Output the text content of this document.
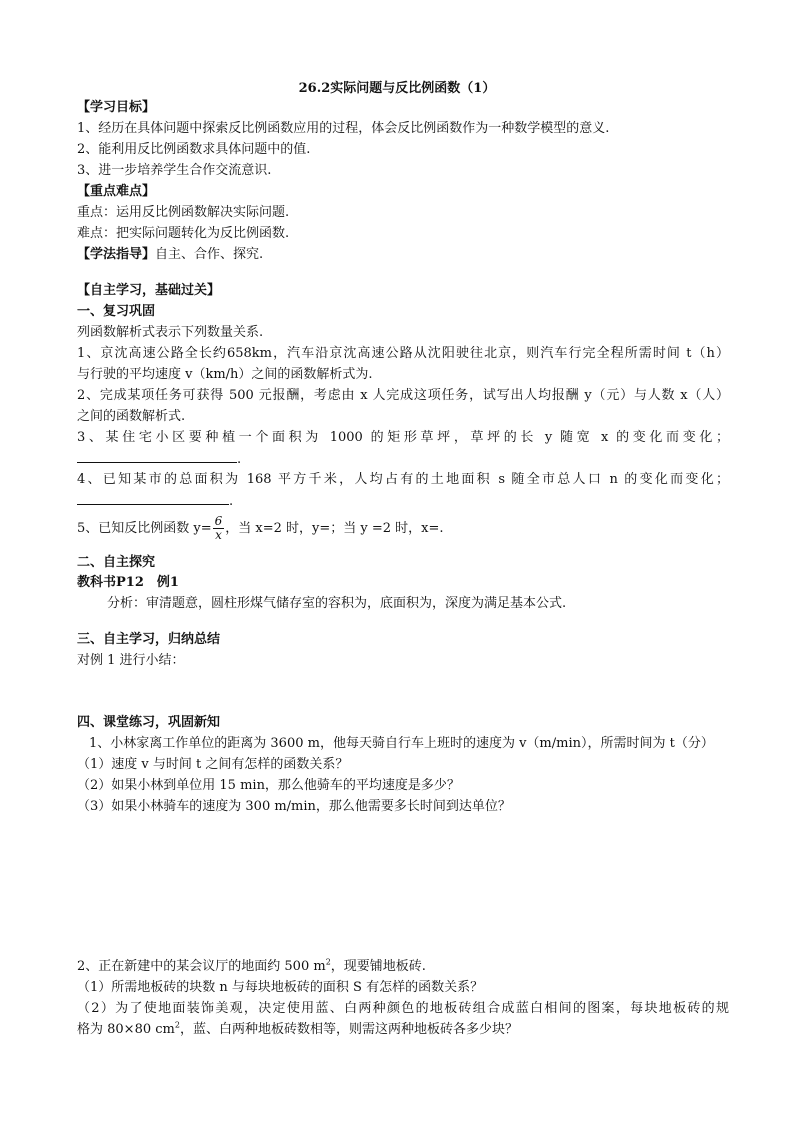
26.2实际问题与反比例函数（1）
【学习目标】
1、经历在具体问题中探索反比例函数应用的过程，体会反比例函数作为一种数学模型的意义.
2、能利用反比例函数求具体问题中的值.
3、进一步培养学生合作交流意识.
【重点难点】
重点：运用反比例函数解决实际问题.
难点：把实际问题转化为反比例函数.
【学法指导】自主、合作、探究.
【自主学习，基础过关】
一、复习巩固
列函数解析式表示下列数量关系.
1、京沈高速公路全长约658km，汽车沿京沈高速公路从沈阳驶往北京，则汽车行完全程所需时间 t（h）
与行驶的平均速度 v（km/h）之间的函数解析式为.
2、完成某项任务可获得 500 元报酬，考虑由 x 人完成这项任务，试写出人均报酬 y（元）与人数 x（人）
之间的函数解析式.
3、某住宅小区要种植一个面积为 1000 的矩形草坪，草坪的长 y 随宽 x 的变化而变化；
.
4、已知某市的总面积为 168 平方千米，人均占有的土地面积 s 随全市总人口 n 的变化而变化；
.
5、已知反比例函数 $y= \frac{6}{x}$ ，当 x=2 时，y=；当 y =2 时，x=.
二、自主探究
教科书P12　例1
分析：审清题意，圆柱形煤气储存室的容积为，底面积为，深度为满足基本公式.
三、自主学习，归纳总结
对例 1 进行小结：
四、课堂练习，巩固新知
1、小林家离工作单位的距离为 3600 m，他每天骑自行车上班时的速度为 v（m/min），所需时间为 t（分）
（1）速度 v 与时间 t 之间有怎样的函数关系？
（2）如果小林到单位用 15 min，那么他骑车的平均速度是多少？
（3）如果小林骑车的速度为 300 m/min，那么他需要多长时间到达单位？
2、正在新建中的某会议厅的地面约 500 $m^2$，现要铺地板砖.
（1）所需地板砖的块数 n 与每块地板砖的面积 S 有怎样的函数关系？
（2）为了使地面装饰美观，决定使用蓝、白两种颜色的地板砖组合成蓝白相间的图案，每块地板砖的规
格为 80×80 $cm^2$，蓝、白两种地板砖数相等，则需这两种地板砖各多少块？
